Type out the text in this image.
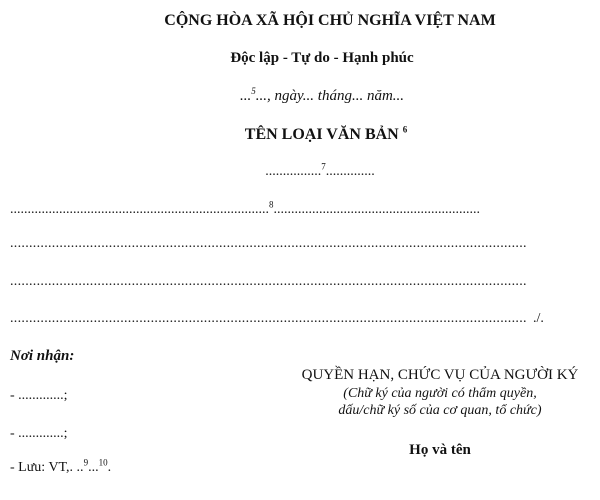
CỘNG HÒA XÃ HỘI CHỦ NGHĨA VIỆT NAM
Độc lập - Tự do - Hạnh phúc
...$^5$..., ngày... tháng... năm...
TÊN LOẠI VĂN BẢN $^6$
................$^7$..............
..........................................................................$^8$...........................................................
........................................................................................................................................
........................................................................................................................................
........................................................................................................................................ ./.
Nơi nhận:
- .............;
- .............;
- Lưu: VT,. ..$^9$...$^{10}$.
QUYỀN HẠN, CHỨC VỤ CỦA NGƯỜI KÝ
(Chữ ký của người có thẩm quyền,
dấu/chữ ký số của cơ quan, tổ chức)
Họ và tên
